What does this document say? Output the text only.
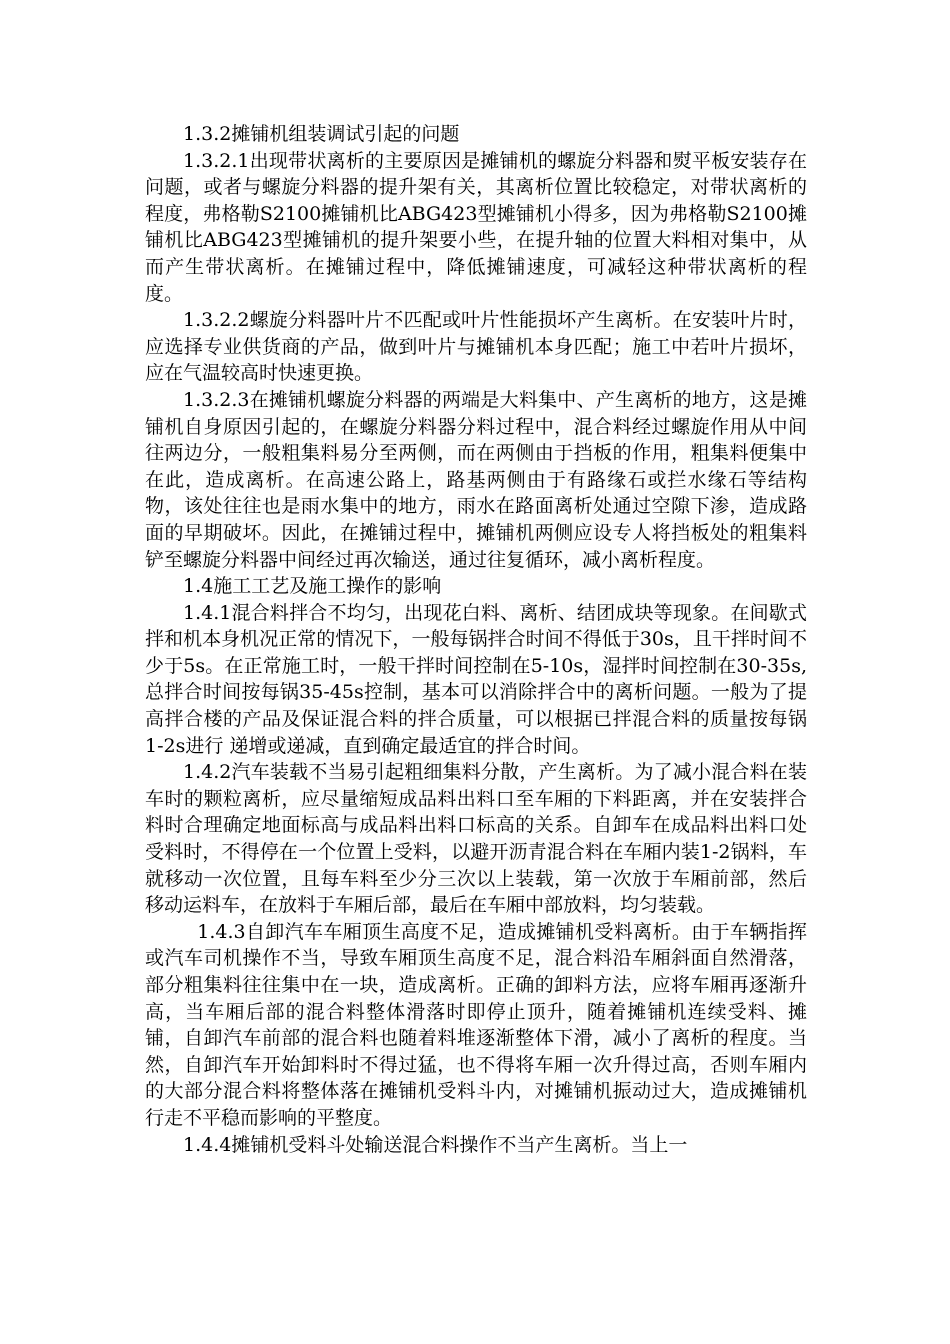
1.3.2摊铺机组装调试引起的问题

1.3.2.1出现带状离析的主要原因是摊铺机的螺旋分料器和熨平板安装存在问题，或者与螺旋分料器的提升架有关，其离析位置比较稳定，对带状离析的程度，弗格勒S2100摊铺机比ABG423型摊铺机小得多，因为弗格勒S2100摊铺机比ABG423型摊铺机的提升架要小些，在提升轴的位置大料相对集中，从而产生带状离析。在摊铺过程中，降低摊铺速度，可减轻这种带状离析的程度。

1.3.2.2螺旋分料器叶片不匹配或叶片性能损坏产生离析。在安装叶片时，应选择专业供货商的产品，做到叶片与摊铺机本身匹配；施工中若叶片损坏，应在气温较高时快速更换。

1.3.2.3在摊铺机螺旋分料器的两端是大料集中、产生离析的地方，这是摊铺机自身原因引起的，在螺旋分料器分料过程中，混合料经过螺旋作用从中间往两边分，一般粗集料易分至两侧，而在两侧由于挡板的作用，粗集料便集中在此，造成离析。在高速公路上，路基两侧由于有路缘石或拦水缘石等结构物，该处往往也是雨水集中的地方，雨水在路面离析处通过空隙下渗，造成路面的早期破坏。因此，在摊铺过程中，摊铺机两侧应设专人将挡板处的粗集料铲至螺旋分料器中间经过再次输送，通过往复循环，减小离析程度。

1.4施工工艺及施工操作的影响

1.4.1混合料拌合不均匀，出现花白料、离析、结团成块等现象。在间歇式拌和机本身机况正常的情况下，一般每锅拌合时间不得低于30s，且干拌时间不少于5s。在正常施工时，一般干拌时间控制在5-10s，湿拌时间控制在30-35s,总拌合时间按每锅35-45s控制，基本可以消除拌合中的离析问题。一般为了提高拌合楼的产品及保证混合料的拌合质量，可以根据已拌混合料的质量按每锅1-2s进行 递增或递减，直到确定最适宜的拌合时间。

1.4.2汽车装载不当易引起粗细集料分散，产生离析。为了减小混合料在装车时的颗粒离析，应尽量缩短成品料出料口至车厢的下料距离，并在安装拌合料时合理确定地面标高与成品料出料口标高的关系。自卸车在成品料出料口处受料时，不得停在一个位置上受料，以避开沥青混合料在车厢内装1-2锅料，车就移动一次位置，且每车料至少分三次以上装载，第一次放于车厢前部，然后移动运料车，在放料于车厢后部，最后在车厢中部放料，均匀装载。

1.4.3自卸汽车车厢顶生高度不足，造成摊铺机受料离析。由于车辆指挥或汽车司机操作不当，导致车厢顶生高度不足，混合料沿车厢斜面自然滑落，部分粗集料往往集中在一块，造成离析。正确的卸料方法，应将车厢再逐渐升高，当车厢后部的混合料整体滑落时即停止顶升，随着摊铺机连续受料、摊铺，自卸汽车前部的混合料也随着料堆逐渐整体下滑，减小了离析的程度。当然，自卸汽车开始卸料时不得过猛，也不得将车厢一次升得过高，否则车厢内的大部分混合料将整体落在摊铺机受料斗内，对摊铺机振动过大，造成摊铺机行走不平稳而影响的平整度。

1.4.4摊铺机受料斗处输送混合料操作不当产生离析。当上一
